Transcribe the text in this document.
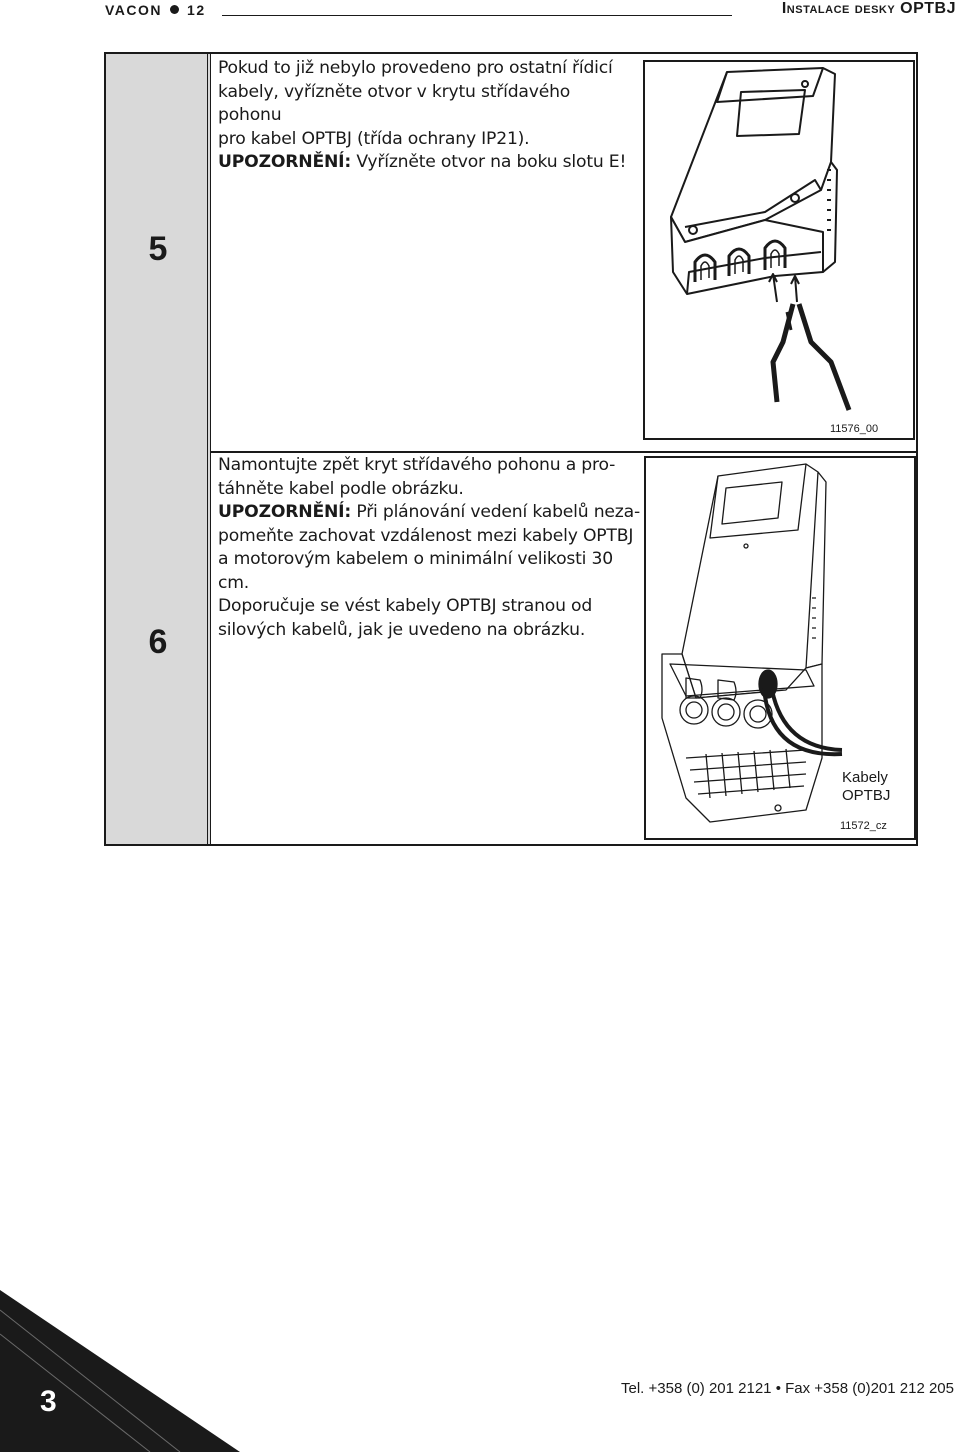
VACON 12	Instalace desky OPTBJ
5
Pokud to již nebylo provedeno pro ostatní řídicí
kabely, vyřízněte otvor v krytu střídavého pohonu
pro kabel OPTBJ (třída ochrany IP21).
UPOZORNĚNÍ: Vyřízněte otvor na boku slotu E!
11576_00
6
Namontujte zpět kryt střídavého pohonu a pro-
táhněte kabel podle obrázku.
UPOZORNĚNÍ: Při plánování vedení kabelů neza-
pomeňte zachovat vzdálenost mezi kabely OPTBJ
a motorovým kabelem o minimální velikosti 30 cm.
Doporučuje se vést kabely OPTBJ stranou od
silových kabelů, jak je uvedeno na obrázku.
Kabely
OPTBJ
11572_cz
3	Tel. +358 (0) 201 2121 • Fax +358 (0)201 212 205
